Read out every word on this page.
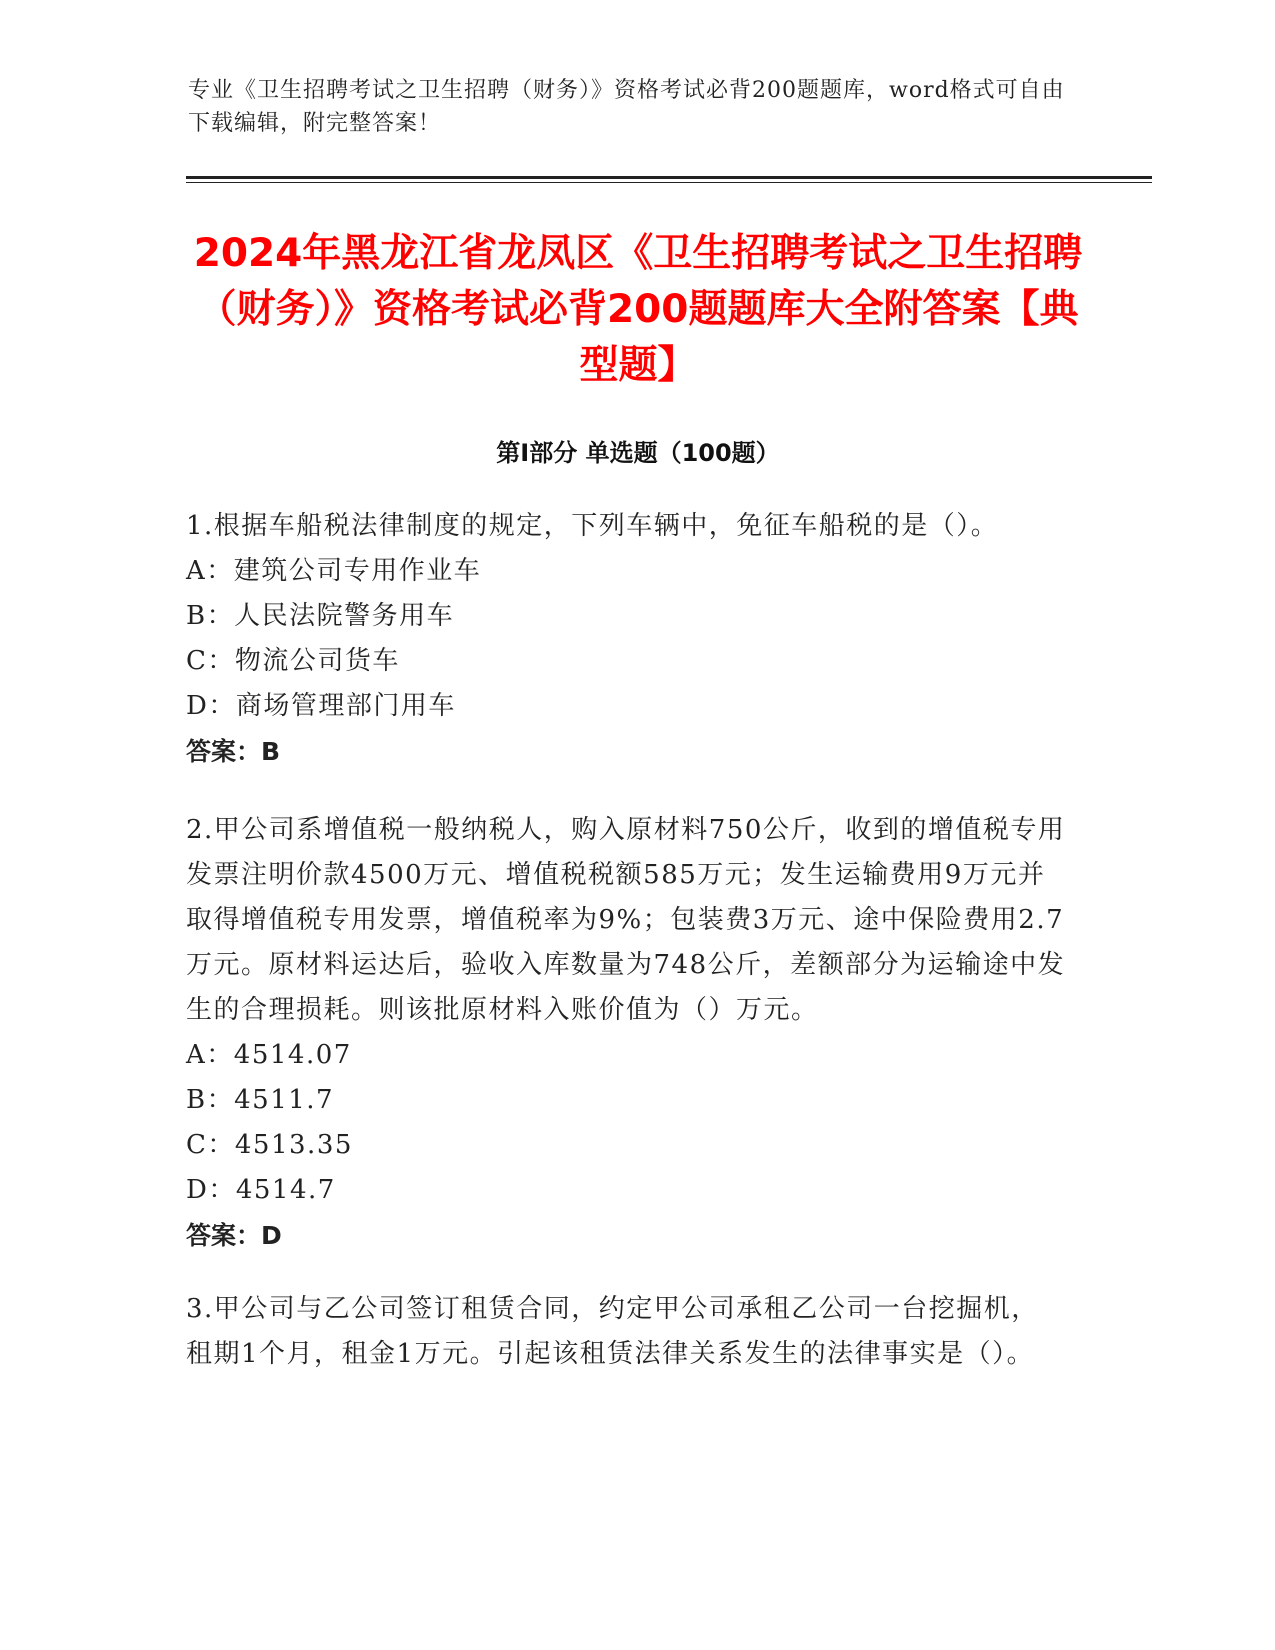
专业《卫生招聘考试之卫生招聘（财务）》资格考试必背200题题库，word格式可自由下载编辑，附完整答案！
2024年黑龙江省龙凤区《卫生招聘考试之卫生招聘（财务）》资格考试必背200题题库大全附答案【典型题】
第I部分 单选题（100题）
1.根据车船税法律制度的规定，下列车辆中，免征车船税的是（）。
A：建筑公司专用作业车
B：人民法院警务用车
C：物流公司货车
D：商场管理部门用车
答案：B
2.甲公司系增值税一般纳税人，购入原材料750公斤，收到的增值税专用发票注明价款4500万元、增值税税额585万元；发生运输费用9万元并取得增值税专用发票，增值税率为9%；包装费3万元、途中保险费用2.7万元。原材料运达后，验收入库数量为748公斤，差额部分为运输途中发生的合理损耗。则该批原材料入账价值为（）万元。
A：4514.07
B：4511.7
C：4513.35
D：4514.7
答案：D
3.甲公司与乙公司签订租赁合同，约定甲公司承租乙公司一台挖掘机，租期1个月，租金1万元。引起该租赁法律关系发生的法律事实是（）。
